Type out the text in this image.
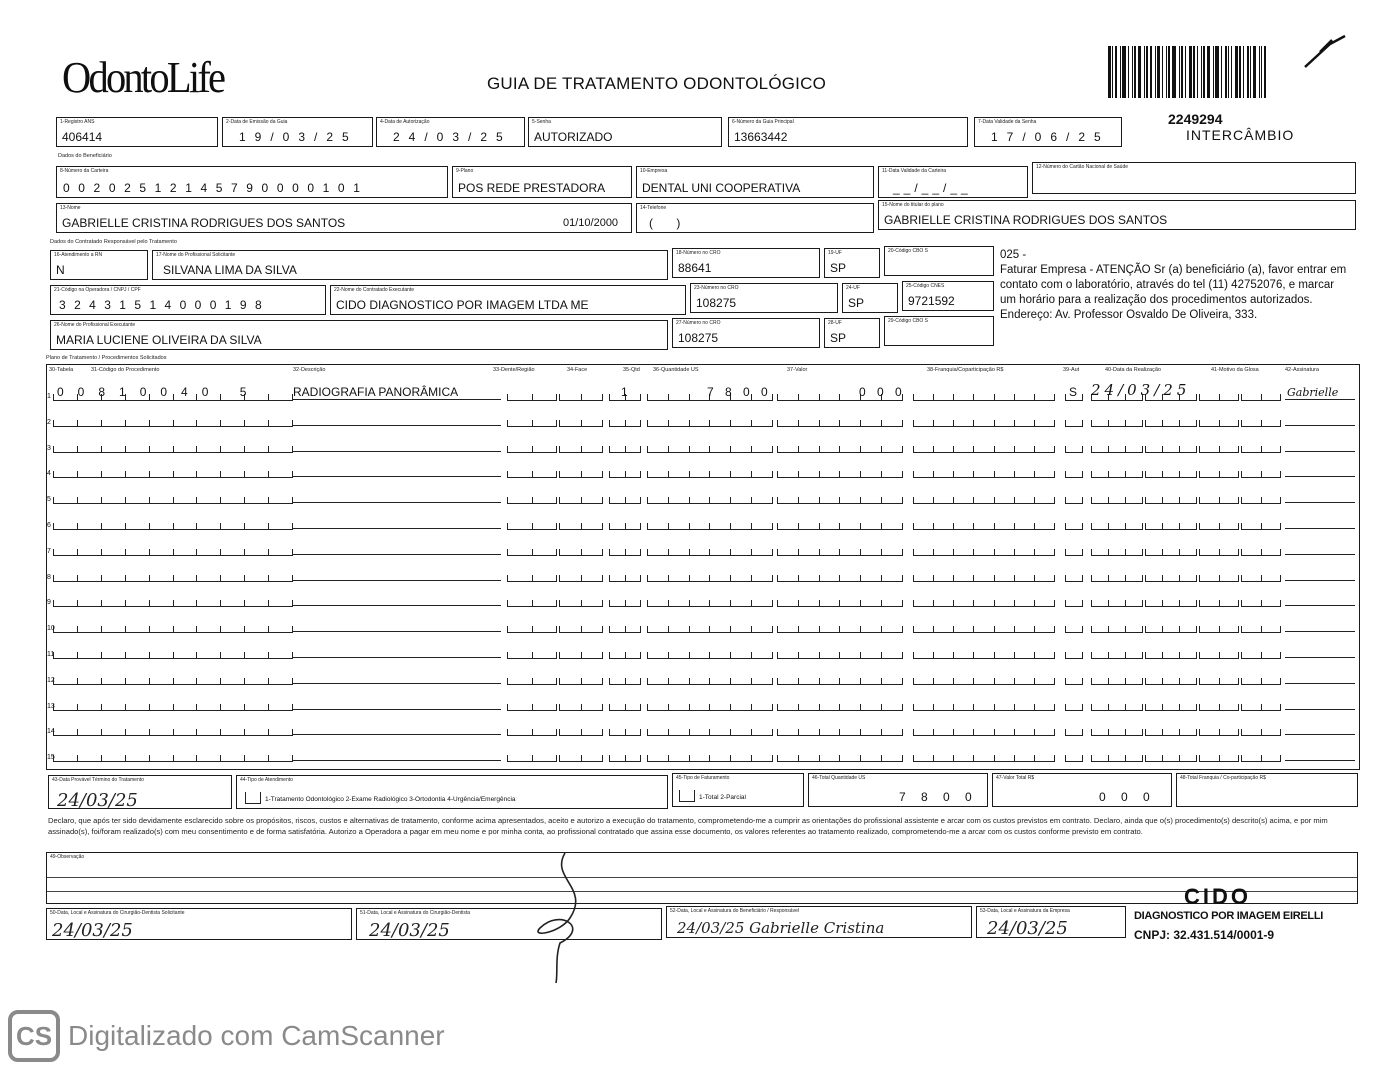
OdontoLife	GUIA DE TRATAMENTO ODONTOLÓGICO
2249294
INTERCÂMBIO
1-Registro ANS
406414
2-Data de Emissão da Guia
19/03/25
4-Data de Autorização
24/03/25
5-Senha
AUTORIZADO
6-Número da Guia Principal
13663442
7-Data Validade da Senha
17/06/25
Dados do Beneficiário
8-Número da Carteira
00202512145790000101
9-Plano
POS REDE PRESTADORA
10-Empresa
DENTAL UNI COOPERATIVA
11-Data Validade da Carteira
__/__/__
12-Número do Cartão Nacional de Saúde
13-Nome
GABRIELLE CRISTINA RODRIGUES DOS SANTOS	01/10/2000
14-Telefone
( )
15-Nome do titular do plano
GABRIELLE CRISTINA RODRIGUES DOS SANTOS
Dados do Contratado Responsável pelo Tratamento
16-Atendimento a RN
N
17-Nome do Profissional Solicitante
SILVANA LIMA DA SILVA
18-Número no CRO
88641
19-UF
SP
20-Código CBO S
21-Código na Operadora / CNPJ / CPF
32431514000198
22-Nome do Contratado Executante
CIDO DIAGNOSTICO POR IMAGEM LTDA ME
23-Número no CRO
108275
24-UF
SP
25-Código CNES
9721592
26-Nome do Profissional Executante
MARIA LUCIENE OLIVEIRA DA SILVA
27-Número no CRO
108275
28-UF
SP
29-Código CBO S
025 -
Faturar Empresa - ATENÇÃO Sr (a) beneficiário (a), favor entrar em contato com o laboratório, através do tel (11) 42752076, e marcar um horário para a realização dos procedimentos autorizados. Endereço: Av. Professor Osvaldo De Oliveira, 333.
Plano de Tratamento / Procedimentos Solicitados
30-Tabela	31-Código do Procedimento	32-Descrição	33-Dente/Região	34-Face	35-Qtd 36-Quantidade US	37-Valor	38-Franquia/Coparticipação R$	39-Aut	40-Data da Realização	41-Motivo da Glosa	42-Assinatura
1 00810040 5	RADIOGRAFIA PANORÂMICA	1	7 8 0 0	0 0 0	S 24/03/25	Gabrielle
2
3
4
5
6
7
8
9
10
11
12
13
14
15
43-Data Provável Término do Tratamento
24/03/25
44-Tipo de Atendimento
1-Tratamento Odontológico 2-Exame Radiológico 3-Ortodontia 4-Urgência/Emergência
45-Tipo de Faturamento
1-Total 2-Parcial
46-Total Quantidade US
7 8 0 0
47-Valor Total R$
0 0 0
48-Total Franquia / Co-participação R$
Declaro, que após ter sido devidamente esclarecido sobre os propósitos, riscos, custos e alternativas de tratamento, conforme acima apresentados, aceito e autorizo a execução do tratamento, comprometendo-me a cumprir as orientações do profissional assistente e arcar com os custos previstos em contrato. Declaro, ainda que o(s) procedimento(s) descrito(s) acima, e por mim assinado(s), foi/foram realizado(s) com meu consentimento e de forma satisfatória. Autorizo a Operadora a pagar em meu nome e por minha conta, ao profissional contratado que assina esse documento, os valores referentes ao tratamento realizado, comprometendo-me a arcar com os custos conforme previsto em contrato.
49-Observação
50-Data, Local e Assinatura do Cirurgião-Dentista Solicitante
24/03/25
51-Data, Local e Assinatura do Cirurgião-Dentista
24/03/25
52-Data, Local e Assinatura do Beneficiário / Responsável
24/03/25 Gabrielle Cristina
53-Data, Local e Assinatura da Empresa
24/03/25
CIDO
DIAGNOSTICO POR IMAGEM EIRELLI
CNPJ: 32.431.514/0001-9
CS Digitalizado com CamScanner
